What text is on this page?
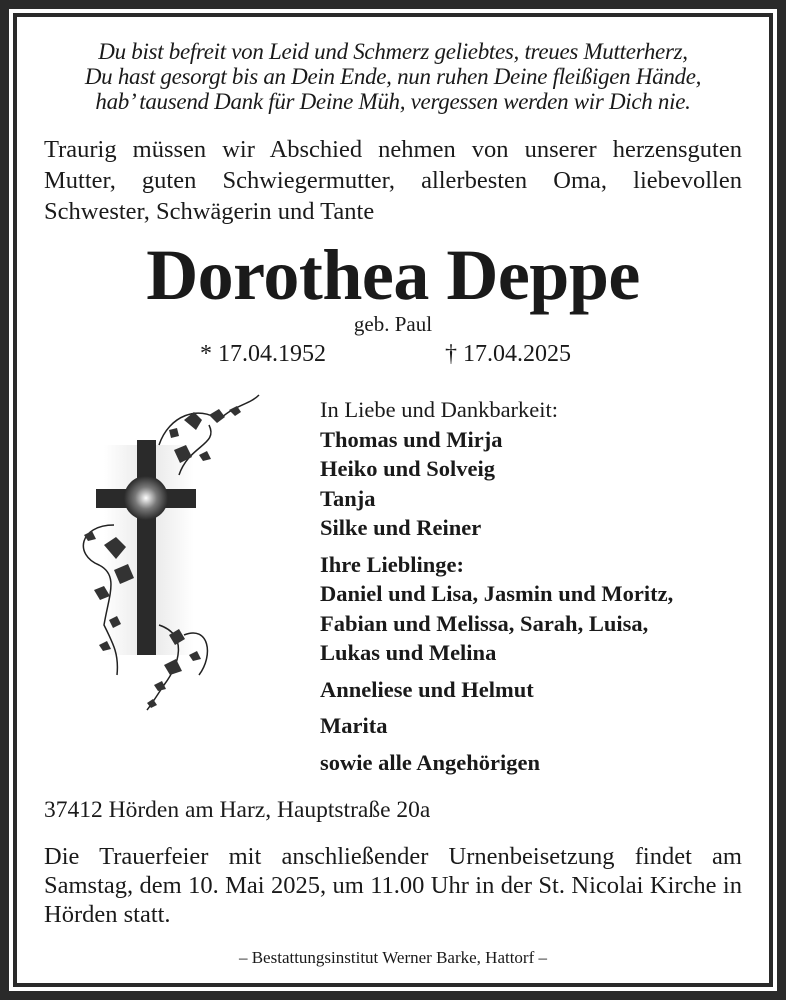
Du bist befreit von Leid und Schmerz geliebtes, treues Mutterherz,
Du hast gesorgt bis an Dein Ende, nun ruhen Deine fleißigen Hände,
hab’ tausend Dank für Deine Müh, vergessen werden wir Dich nie.
Traurig müssen wir Abschied nehmen von unserer herzensguten Mutter, guten Schwiegermutter, allerbesten Oma, liebevollen Schwester, Schwägerin und Tante
Dorothea Deppe
geb. Paul
* 17.04.1952	† 17.04.2025
In Liebe und Dankbarkeit:
Thomas und Mirja
Heiko und Solveig
Tanja
Silke und Reiner
Ihre Lieblinge:
Daniel und Lisa, Jasmin und Moritz,
Fabian und Melissa, Sarah, Luisa,
Lukas und Melina
Anneliese und Helmut
Marita
sowie alle Angehörigen
37412 Hörden am Harz, Hauptstraße 20a
Die Trauerfeier mit anschließender Urnenbeisetzung findet am Samstag, dem 10. Mai 2025, um 11.00 Uhr in der St. Nicolai Kirche in Hörden statt.
– Bestattungsinstitut Werner Barke, Hattorf –
